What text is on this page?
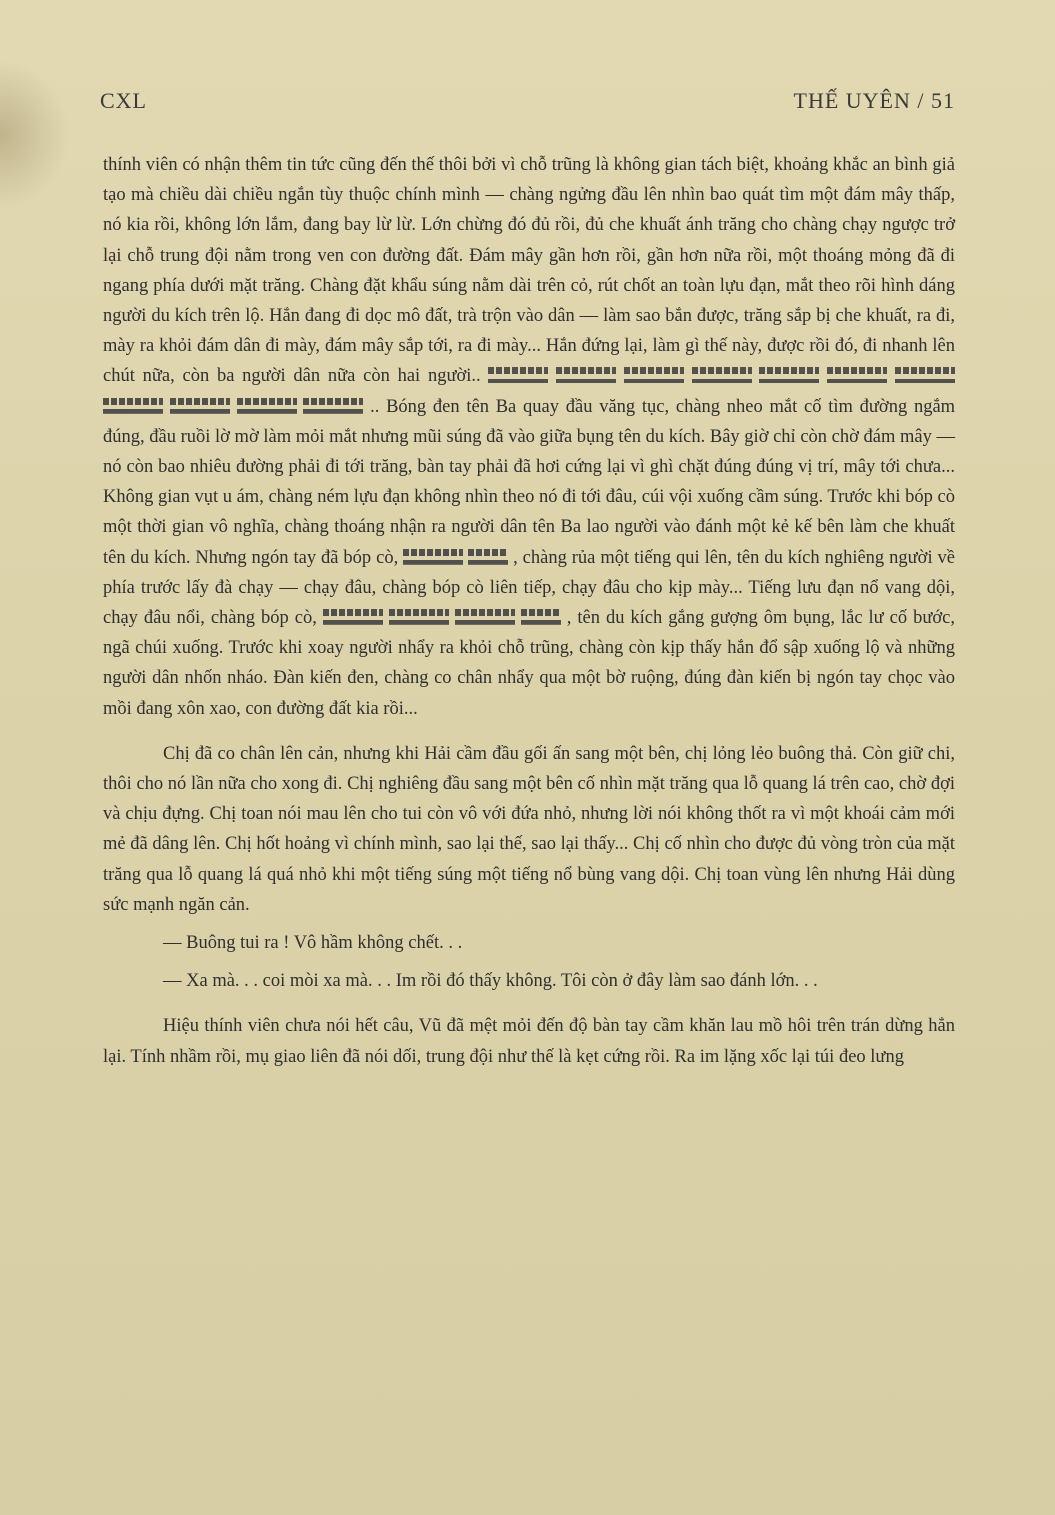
CXL	THẾ UYÊN / 51

thính viên có nhận thêm tin tức cũng đến thế thôi bởi vì chỗ trũng là không gian tách biệt, khoảng khắc an bình giả tạo mà chiều dài chiều ngắn tùy thuộc chính mình — chàng ngửng đầu lên nhìn bao quát tìm một đám mây thấp, nó kia rồi, không lớn lắm, đang bay lừ lừ. Lớn chừng đó đủ rồi, đủ che khuất ánh trăng cho chàng chạy ngược trở lại chỗ trung đội nằm trong ven con đường đất. Đám mây gần hơn rồi, gần hơn nữa rồi, một thoáng mỏng đã đi ngang phía dưới mặt trăng. Chàng đặt khẩu súng nằm dài trên cỏ, rút chốt an toàn lựu đạn, mắt theo rõi hình dáng người du kích trên lộ. Hắn đang đi dọc mô đất, trà trộn vào dân — làm sao bắn được, trăng sắp bị che khuất, ra đi, mày ra khỏi đám dân đi mày, đám mây sắp tới, ra đi mày... Hắn đứng lại, làm gì thế này, được rồi đó, đi nhanh lên chút nữa, còn ba người dân nữa còn hai người..            .. Bóng đen tên Ba quay đầu văng tục, chàng nheo mắt cố tìm đường ngắm đúng, đầu ruồi lờ mờ làm mỏi mắt nhưng mũi súng đã vào giữa bụng tên du kích. Bây giờ chỉ còn chờ đám mây — nó còn bao nhiêu đường phải đi tới trăng, bàn tay phải đã hơi cứng lại vì ghì chặt đúng đúng vị trí, mây tới chưa... Không gian vụt u ám, chàng ném lựu đạn không nhìn theo nó đi tới đâu, cúi vội xuống cầm súng. Trước khi bóp cò một thời gian vô nghĩa, chàng thoáng nhận ra người dân tên Ba lao người vào đánh một kẻ kế bên làm che khuất tên du kích. Nhưng ngón tay đã bóp cò,	, chàng rủa một tiếng qui lên, tên du kích nghiêng người về phía trước lấy đà chạy — chạy đâu, chàng bóp cò liên tiếp, chạy đâu cho kịp mày... Tiếng lưu đạn nổ vang dội, chạy đâu nổi, chàng bóp cò,	, tên du kích gắng gượng ôm bụng, lắc lư cố bước, ngã chúi xuống. Trước khi xoay người nhẩy ra khỏi chỗ trũng, chàng còn kịp thấy hắn đổ sập xuống lộ và những người dân nhốn nháo. Đàn kiến đen, chàng co chân nhẩy qua một bờ ruộng, đúng đàn kiến bị ngón tay chọc vào mồi đang xôn xao, con đường đất kia rồi...

Chị đã co chân lên cản, nhưng khi Hải cầm đầu gối ấn sang một bên, chị lỏng lẻo buông thả. Còn giữ chi, thôi cho nó lần nữa cho xong đi. Chị nghiêng đầu sang một bên cố nhìn mặt trăng qua lỗ quang lá trên cao, chờ đợi và chịu đựng. Chị toan nói mau lên cho tui còn vô với đứa nhỏ, nhưng lời nói không thốt ra vì một khoái cảm mới mẻ đã dâng lên. Chị hốt hoảng vì chính mình, sao lại thế, sao lại thấy... Chị cố nhìn cho được đủ vòng tròn của mặt trăng qua lỗ quang lá quá nhỏ khi một tiếng súng một tiếng nổ bùng vang dội. Chị toan vùng lên nhưng Hải dùng sức mạnh ngăn cản.

— Buông tui ra ! Vô hầm không chết. . .

— Xa mà. . . coi mòi xa mà. . . Im rồi đó thấy không. Tôi còn ở đây làm sao đánh lớn. . .

Hiệu thính viên chưa nói hết câu, Vũ đã mệt mỏi đến độ bàn tay cầm khăn lau mồ hôi trên trán dừng hẳn lại. Tính nhầm rồi, mụ giao liên đã nói dối, trung đội như thế là kẹt cứng rồi. Ra im lặng xốc lại túi đeo lưng
